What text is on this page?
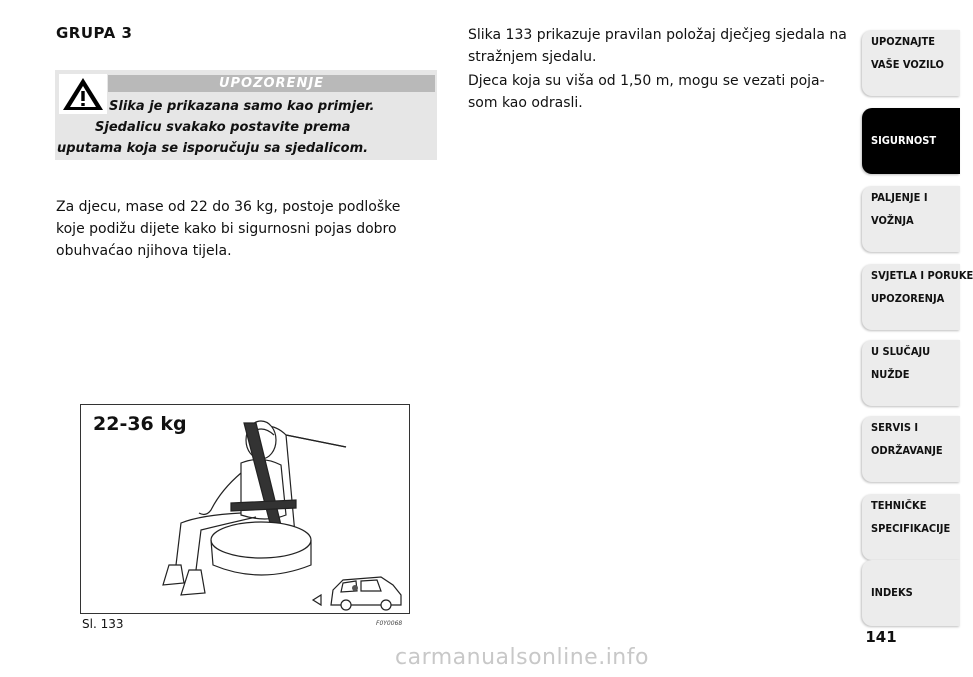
GRUPA 3
UPOZORENJE
Slika je prikazana samo kao primjer.
Sjedalicu svakako postavite prema
uputama koja se isporučuju sa sjedalicom.
Za djecu, mase od 22 do 36 kg, postoje podloške
koje podižu dijete kako bi sigurnosni pojas dobro
obuhvaćao njihova tijela.
Slika 133 prikazuje pravilan položaj dječjeg sjedala na
stražnjem sjedalu.
Djeca koja su viša od 1,50 m, mogu se vezati poja-
som kao odrasli.
22-36 kg
Sl. 133	F0Y0068
UPOZNAJTE
VAŠE VOZILO
SIGURNOST
PALJENJE I
VOŽNJA
SVJETLA I PORUKE
UPOZORENJA
U SLUČAJU
NUŽDE
SERVIS I
ODRŽAVANJE
TEHNIČKE
SPECIFIKACIJE
INDEKS
141
carmanualsonline.info
